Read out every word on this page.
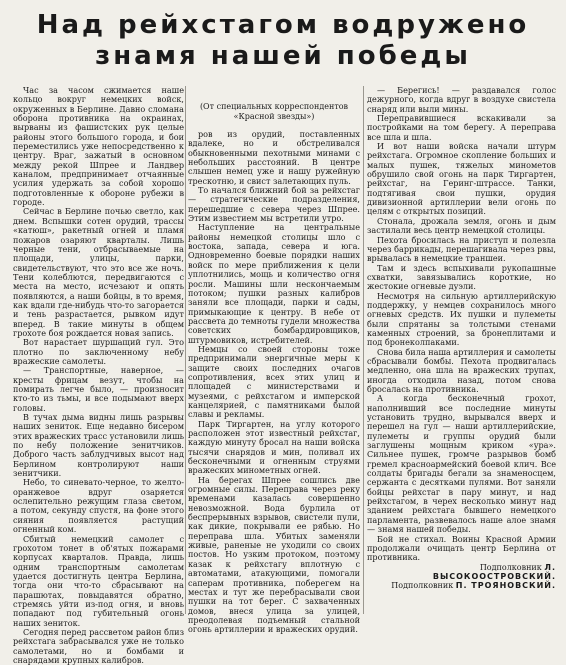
Над рейхстагом водружено
знамя нашей победы

Час за часом сжимается наше кольцо вокруг немецких войск, окруженных в Берлине. Давно сломана оборона противника на окраинах, вырваны из фашистских рук целые районы этого большого города, и бои переместились уже непосредственно к центру. Враг, зажатый в основном между рекой Шпрее и Ландвер каналом, предпринимает отчаянные усилия удержать за собой хорошо подготовленные к обороне рубежи в городе.

Сейчас в Берлине почью светло, как днем. Вспышки сотен орудий, трассы «катюш», ракетный огней и пламя пожаров озаряют кварталы. Лишь черные тени, отбрасываемые на площади, улицы, парки, свидетельствуют, что это все же ночь. Тени колеблются, передвигаются с места на место, исчезают и опять появляются, а наши бойцы, в то время, как вдали где-нибудь что-то загорается и тень разрастается, рывком идут вперед. В такие минуты в общем грохоте боя рождается новая запись.

Вот нарастает шуршащий гул. Это плотно по заключенному небу вражеские самолеты.

— Транспортные, наверное, — кресты фрицам везут, чтобы на помирать легче было, — произносит кто-то из тьмы, и все подымают вверх головы.

В тучах дыма видны лишь разрывы наших зениток. Еще недавно бисером этих вражеских трасс установили лишь по небу положение зенитчиков. Доброго часть заблудчивых высот над Берлином контролируют наши зенитчики.

Небо, то синевато-черное, то желто-оранжевое вдруг озаряется ослепительно режущим глаза светом, а потом, секунду спустя, на фоне этого сияния появляется растущий огненный ком.

Сбитый немецкий самолет с грохотом тонет в об'ятых пожарами корпусах кварталов. Правда, лишь одним транспортным самолетам удается достигнуть центра Берлина, тогда они что-то сбрасывают на парашютах, повыдавятся обратно, стремясь уйти из-под огня, и вновь попадают под губительный огонь наших зениток.

Сегодня перед рассветом район близ рейхстага забрасывался уже не только самолетами, но и бомбами и снарядами крупных калибров.

(От специальных корреспондентов «Красной звезды»)

ров из орудий, поставленных вдалеке, но и обстреливался обыкновенными пехотными минами с небольших расстояний. В центре слышен немец уже и нашу ружейную трескотню, и свист залетающих пуль.

То начался ближний бой за рейхстаг — стратегические подразделения, перешедшие с севера через Шпрее. Этим известием мы встретили утро.

Наступление на центральные районы немецкой столицы шло с востока, запада, севера и юга. Одновременно боевые порядки наших войск по мере приближения к цели уплотнились, мощь и количество огня росли. Машины шли нескончаемым потоком; пушки разных калибров заняли все площади, парки и сады, примыкающие к центру. В небе от рассвета до темноты гудели множества советских бомбардировщиков, штурмовиков, истребителей.

Немцы со своей стороны тоже предпринимали энергичные меры к защите своих последних очагов сопротивления, всех этих улиц и площадей с министерствами и музеями, с рейхстагом и имперской канцелярией, с памятниками былой славы и рекламы.

Парк Тиргартен, на углу которого расположен этот известный рейхстаг, каждую минуту бросал на наши войска тысячи снарядов и мин, поливал их бесконечными и огненным струями вражеских минометных огней.

На берегах Шпрее сошлись две огромные силы. Переправа через реку временами казалась совершенно невозможной. Вода бурлила от беспрерывных взрывов, свистели пули, как дикие, покрывали ее рябью. Но переправа шла. Убитых заменяли живые, раненые не уходили со своих постов. Но узким протоком, поэтому казак к рейхстагу вплотную с автоматами, атакующими, помогали саперам противника, поберегем на местах и тут же перебрасывали свои пушки на тот берег. С захваченных домов, внеся улица за улицей, преодолевая подъемный стальной огонь артиллерии и вражеских орудий.

— Берегись! — раздавался голос дежурного, когда вдруг в воздухе свистела снаряд или выли мины.

Переправившиеся вскакивали за постройками на том берегу. А переправа все шла и шла.

И вот наши войска начали штурм рейхстага. Огромное скопление больших и малых пушек, тяжелых минометов обрушило свой огонь на парк Тиргартен, рейхстаг, на Геринг-штрассе. Танки, подтягивая свои пушки, орудия дивизионной артиллерии вели огонь по целям с открытых позиций.

Стонала, дрожала земля, огонь и дым застилали весь центр немецкой столицы.

Пехота бросилась на приступ и полезла через баррикады, перешагивала через рвы, врывалась в немецкие траншеи.

Там и здесь вспыхивали рукопашные схватки, завязывались короткие, но жестокие огневые дуэли.

Несмотря на сильную артиллерийскую поддержку, у немцев сохранилось много огневых средств. Их пушки и пулеметы были спрятаны за толстыми стенами каменных строений, за бронеплитами и под бронеколпаками.

Снова била наша артиллерия и самолеты сбрасывали бомбы. Пехота продвигалась медленно, она шла на вражеских трупах, иногда отходила назад, потом снова бросалась на противника.

А когда бесконечный грохот, наполнивший все последние минуты установить трудно, вырывался вверх и перешел на гул — наши артиллерийские, пулеметы и группы орудий были заглушены мощным криком «ура». Сильнее пушек, громче разрывов бомб гремел красноармейский боевой клич. Все солдаты бригады бегали за знаменосцем, сержанта с десятками пулями. Вот заняли бойцы рейхстаг в пару минут, и над рейхстагом, в черех несколько минут над зданием рейхстага бывшего немецкого парламента, развевалось наше алое знамя — знамя нашей победы.

Бой не стихал. Воины Красной Армии продолжали очищать центр Берлина от противника.

Подполковник Л. ВЫСОКООСТРОВСКИЙ.

Подполковник П. ТРОЯНОВСКИЙ.
